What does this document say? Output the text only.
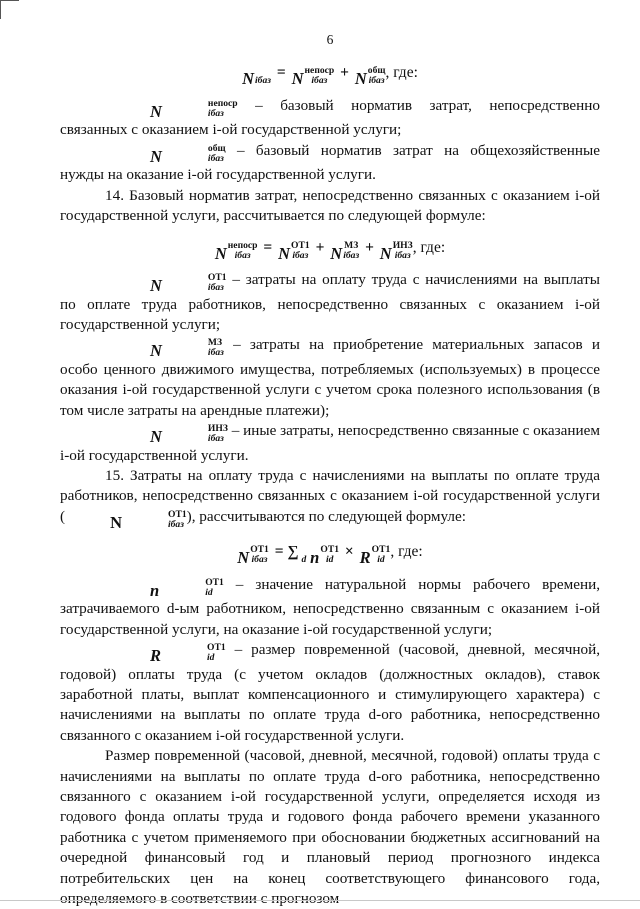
6
N
iбаз = N непоср
iбаз + N общ
iбаз , где:

N	непоср
iбаз – базовый норматив затрат, непосредственно связанных с оказанием i-ой государственной услуги;

N	общ
iбаз – базовый норматив затрат на общехозяйственные нужды на оказание i-ой государственной услуги.

14. Базовый норматив затрат, непосредственно связанных с оказанием i-ой государственной услуги, рассчитывается по следующей формуле:

N непоср
iбаз = N ОТ1
iбаз + N МЗ
iбаз + N ИНЗ
iбаз , где:

N	ОТ1
iбаз – затраты на оплату труда с начислениями на выплаты по оплате труда работников, непосредственно связанных с оказанием i-ой государственной услуги;

N	МЗ
iбаз – затраты на приобретение материальных запасов и особо ценного движимого имущества, потребляемых (используемых) в процессе оказания i-ой государственной услуги с учетом срока полезного использования (в том числе затраты на арендные платежи);

N	ИНЗ
iбаз – иные затраты, непосредственно связанные с оказанием i-ой государственной услуги.

15. Затраты на оплату труда с начислениями на выплаты по оплате труда работников, непосредственно связанных с оказанием i-ой государственной услуги (	N	ОТ1
iбаз ), рассчитываются по следующей формуле:

N ОТ1
iбаз = ∑
d n ОТ1
id × R ОТ1
id , где:

n	ОТ1
id – значение натуральной нормы рабочего времени, затрачиваемого d-ым работником, непосредственно связанным с оказанием i-ой государственной услуги, на оказание i-ой государственной услуги;

R	ОТ1
id – размер повременной (часовой, дневной, месячной, годовой) оплаты труда (с учетом окладов (должностных окладов), ставок заработной платы, выплат компенсационного и стимулирующего характера) с начислениями на выплаты по оплате труда d-ого работника, непосредственно связанного с оказанием i-ой государственной услуги.

Размер повременной (часовой, дневной, месячной, годовой) оплаты труда с начислениями на выплаты по оплате труда d-ого работника, непосредственно связанного с оказанием i-ой государственной услуги, определяется исходя из годового фонда оплаты труда и годового фонда рабочего времени указанного работника с учетом применяемого при обосновании бюджетных ассигнований на очередной финансовый год и плановый период прогнозного индекса потребительских цен на конец соответствующего финансового года, определяемого в соответствии с прогнозом
